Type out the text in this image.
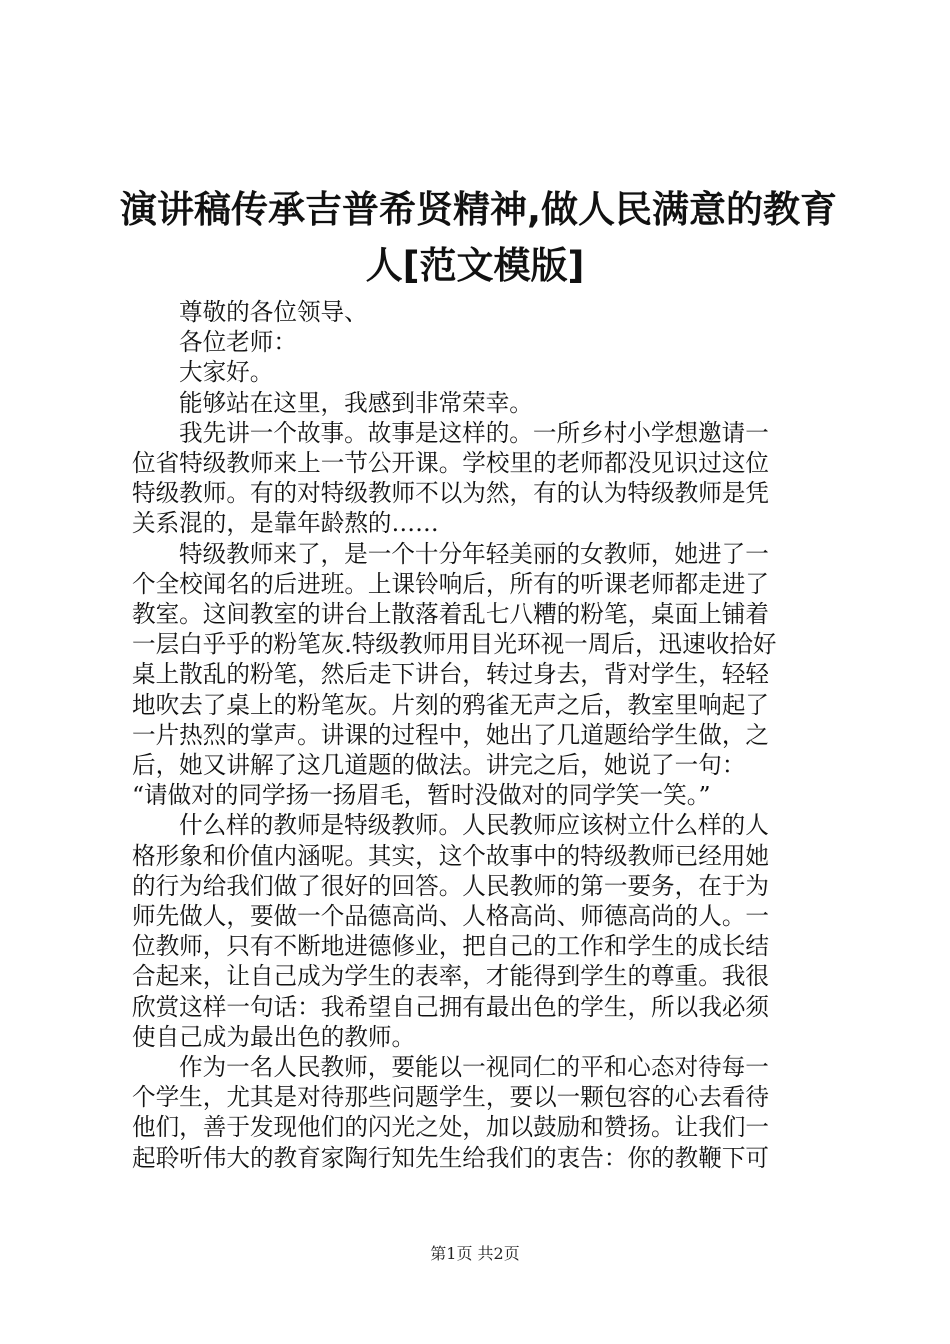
演讲稿传承吉普希贤精神,做人民满意的教育
人[范文模版]

尊敬的各位领导、

各位老师：

大家好。

能够站在这里，我感到非常荣幸。

我先讲一个故事。故事是这样的。一所乡村小学想邀请一
位省特级教师来上一节公开课。学校里的老师都没见识过这位
特级教师。有的对特级教师不以为然，有的认为特级教师是凭
关系混的，是靠年龄熬的……

特级教师来了，是一个十分年轻美丽的女教师，她进了一
个全校闻名的后进班。上课铃响后，所有的听课老师都走进了
教室。这间教室的讲台上散落着乱七八糟的粉笔，桌面上铺着
一层白乎乎的粉笔灰.特级教师用目光环视一周后，迅速收拾好
桌上散乱的粉笔，然后走下讲台，转过身去，背对学生，轻轻
地吹去了桌上的粉笔灰。片刻的鸦雀无声之后，教室里响起了
一片热烈的掌声。讲课的过程中，她出了几道题给学生做，之
后，她又讲解了这几道题的做法。讲完之后，她说了一句：
“请做对的同学扬一扬眉毛，暂时没做对的同学笑一笑。”

什么样的教师是特级教师。人民教师应该树立什么样的人
格形象和价值内涵呢。其实，这个故事中的特级教师已经用她
的行为给我们做了很好的回答。人民教师的第一要务，在于为
师先做人，要做一个品德高尚、人格高尚、师德高尚的人。一
位教师，只有不断地进德修业，把自己的工作和学生的成长结
合起来，让自己成为学生的表率，才能得到学生的尊重。我很
欣赏这样一句话：我希望自己拥有最出色的学生，所以我必须
使自己成为最出色的教师。

作为一名人民教师，要能以一视同仁的平和心态对待每一
个学生，尤其是对待那些问题学生，要以一颗包容的心去看待
他们，善于发现他们的闪光之处，加以鼓励和赞扬。让我们一
起聆听伟大的教育家陶行知先生给我们的衷告：你的教鞭下可

第1页 共2页
